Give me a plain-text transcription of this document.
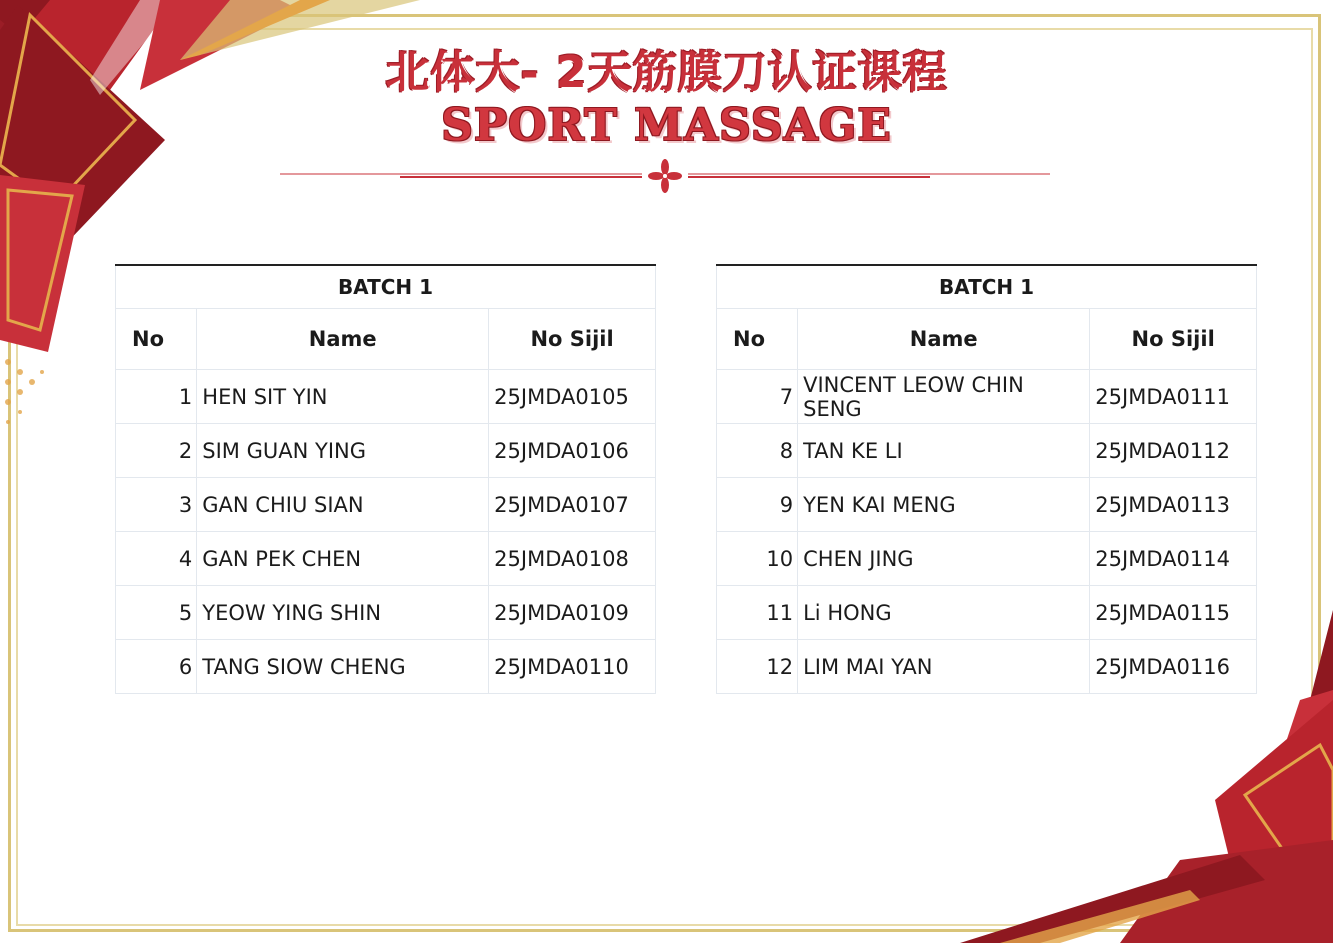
北体大- 2天筋膜刀认证课程
SPORT MASSAGE
BATCH 1		
No	Name	No Sijil
1	HEN SIT YIN	25JMDA0105
2	SIM GUAN YING	25JMDA0106
3	GAN CHIU SIAN	25JMDA0107
4	GAN PEK CHEN	25JMDA0108
5	YEOW YING SHIN	25JMDA0109
6	TANG SIOW CHENG	25JMDA0110
BATCH 1		
No	Name	No Sijil
7	VINCENT LEOW CHIN SENG	25JMDA0111
8	TAN KE LI	25JMDA0112
9	YEN KAI MENG	25JMDA0113
10	CHEN JING	25JMDA0114
11	Li HONG	25JMDA0115
12	LIM MAI YAN	25JMDA0116
